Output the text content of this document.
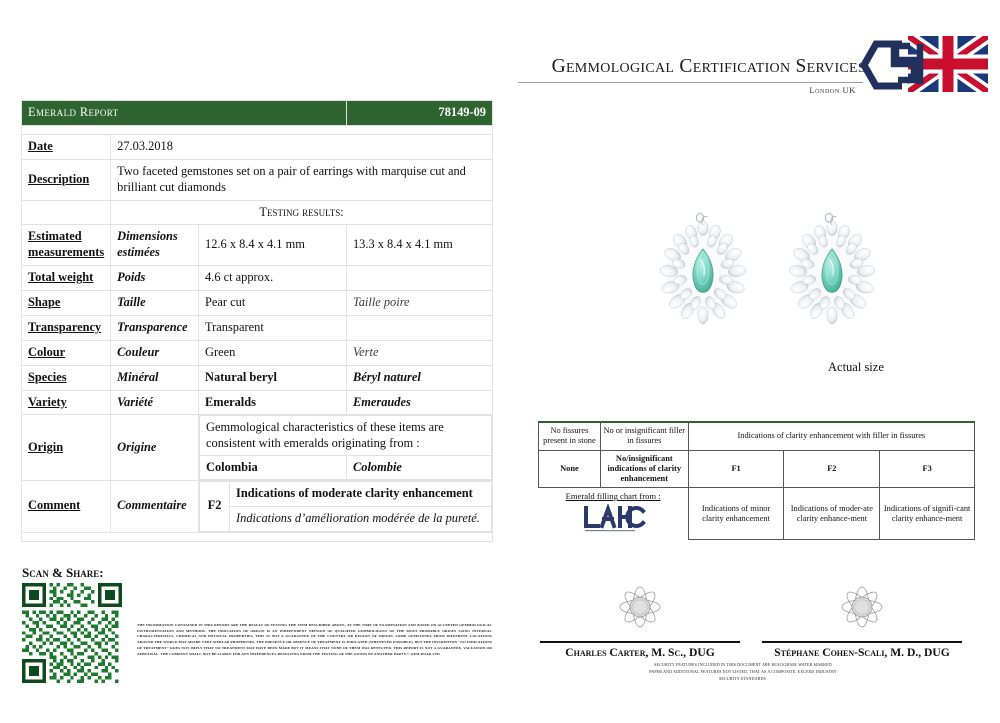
Gemmological Certification Services
London UK
Emerald Report	78149-09

Date	27.03.2018
Description	Two faceted gemstones set on a pair of earrings with marquise cut and brilliant cut diamonds
	Testing results:
Estimated measurements	Dimensions estimées	12.6 x 8.4 x 4.1 mm	13.3 x 8.4 x 4.1 mm
Total weight	Poids	4.6 ct approx.	
Shape	Taille	Pear cut	Taille poire
Transparency	Transparence	Transparent	
Colour	Couleur	Green	Verte
Species	Minéral	Natural beryl	Béryl naturel
Variety	Variété	Emeralds	Emeraudes
Origin	Origine	
Gemmological characteristics of these items are consistent with emeralds originating from :
Colombia	Colombie

Comment	Commentaire	F2	Indications of moderate clarity enhancement
Indications d’amélioration modérée de la pureté.

Actual size
No fissures present in stone	No or insignificant filler in fissures	Indications of clarity enhancement with filler in fissures		
None	No/insignificant indications of clarity enhancement	F1	F2	F3

Emerald filling chart from :		Indications of minor clarity enhancement	Indications of moder-ate clarity enhance-ment	Indications of signifi-cant clarity enhance-ment
Scan & Share:
THE INFORMATION CONTAINED IN THIS REPORT ARE THE RESULT OF TESTING THE ITEM DESCRIBED ABOVE, AT THE TIME OF EXAMINATION AND BASED ON ACCEPTED GEMMOLOGICAL INSTRUMENTATION AND METHODS. THE INDICATION OF ORIGIN IS AN INDEPENDENT OPINION OF QUALIFIED GEMMOLOGIST OF THE MOST PROBABLE ORIGIN USING INTERNAL CHARACTERISTICS, CHEMICAL AND PHYSICAL PROPERTIES. THIS IS NOT A GUARANTEE OF THE COUNTRY OR REGION OF ORIGIN. SOME GEMSTONES FROM DIFFERENT LOCATIONS AROUND THE WORLD MAY SHARE VERY SIMILAR PROPERTIES. THE PRESENCE OR ABSENCE OF TREATMENT IS INDICATED (WHENEVER POSSIBLE), BUT THE INSCRIPTION "NO INDICATIONS OF TREATMENT" DOES NOT IMPLY THAT NO TREATMENT MAY HAVE BEEN MADE BUT IT MEANS THAT NONE OF THEM WAS DETECTED. THIS REPORT IS NOT A GUARANTEE, VALUATION OR APPRAISAL. THE COMPANY SHALL NOT BE LIABLE FOR ANY DIFFERENCES RESULTING FROM THE TESTING OF THE GOODS BY ANOTHER PARTY.© GEM ROAD LTD	Charles Carter, M. Sc., DUG	Stéphane Cohen-Scali, M. D., DUG
SECURITY FEATURES INCLUDED IN THIS DOCUMENT ARE HOLOGRAM, WATER MARKED PAPER AND ADDITIONAL FEATURES NOT LISTED, THAT AS A COMPOSITE, EXCEED INDUSTRY SECURITY STANDARDS.
